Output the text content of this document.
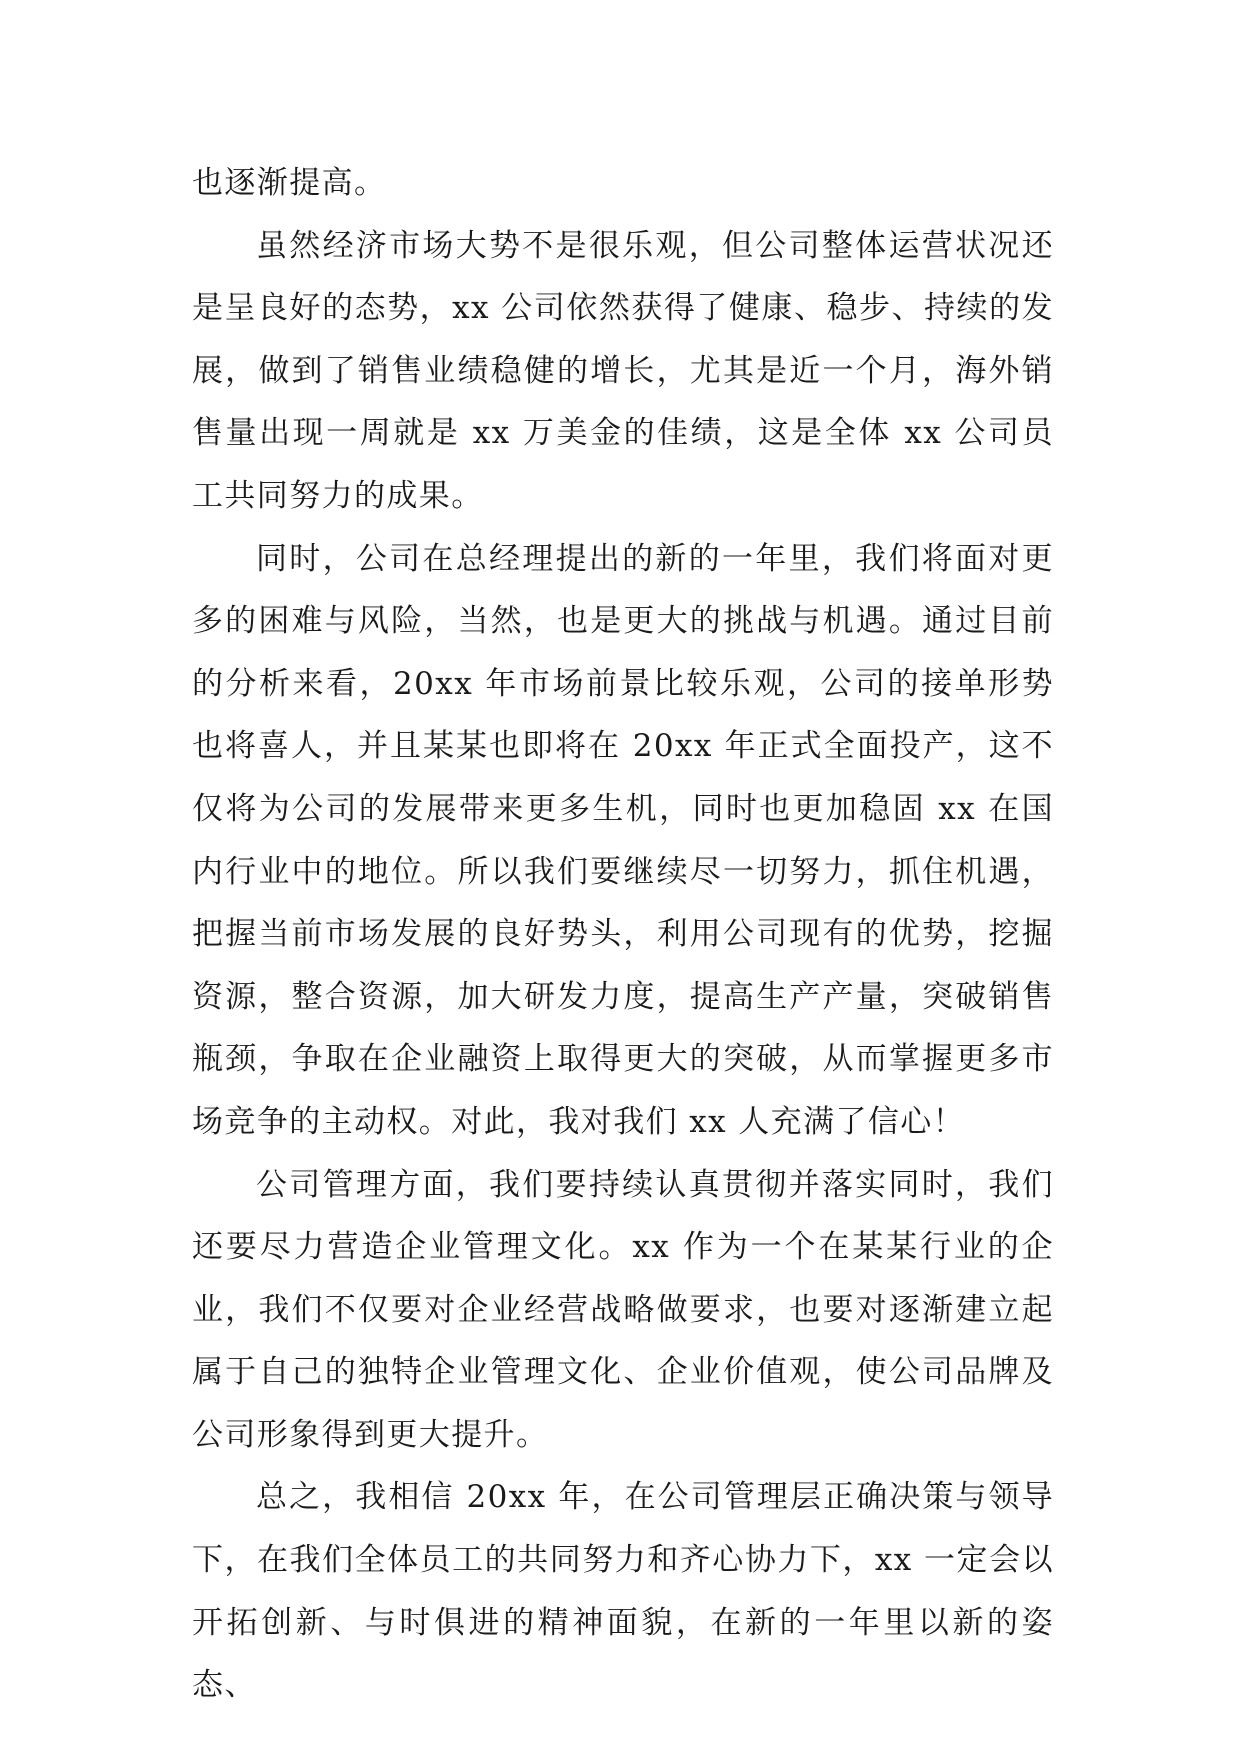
也逐渐提高。

虽然经济市场大势不是很乐观，但公司整体运营状况还是呈良好的态势，xx 公司依然获得了健康、稳步、持续的发展，做到了销售业绩稳健的增长，尤其是近一个月，海外销售量出现一周就是 xx 万美金的佳绩，这是全体 xx 公司员工共同努力的成果。

同时，公司在总经理提出的新的一年里，我们将面对更多的困难与风险，当然，也是更大的挑战与机遇。通过目前的分析来看，20xx 年市场前景比较乐观，公司的接单形势也将喜人，并且某某也即将在 20xx 年正式全面投产，这不仅将为公司的发展带来更多生机，同时也更加稳固 xx 在国内行业中的地位。所以我们要继续尽一切努力，抓住机遇，把握当前市场发展的良好势头，利用公司现有的优势，挖掘资源，整合资源，加大研发力度，提高生产产量，突破销售瓶颈，争取在企业融资上取得更大的突破，从而掌握更多市场竞争的主动权。对此，我对我们 xx 人充满了信心！

公司管理方面，我们要持续认真贯彻并落实同时，我们还要尽力营造企业管理文化。xx 作为一个在某某行业的企业，我们不仅要对企业经营战略做要求，也要对逐渐建立起属于自己的独特企业管理文化、企业价值观，使公司品牌及公司形象得到更大提升。

总之，我相信 20xx 年，在公司管理层正确决策与领导下，在我们全体员工的共同努力和齐心协力下，xx 一定会以开拓创新、与时俱进的精神面貌，在新的一年里以新的姿态、
